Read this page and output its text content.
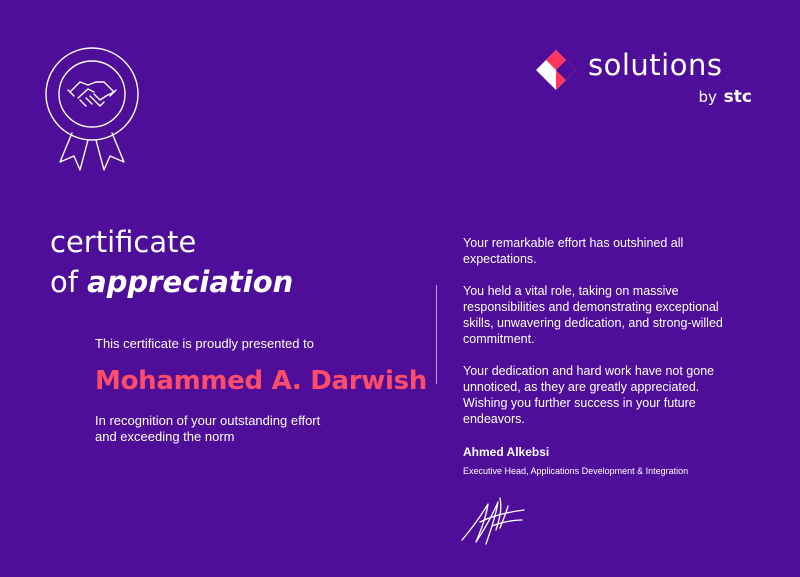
solutions
by stc
certificate
of appreciation
This certificate is proudly presented to
Mohammed A. Darwish
In recognition of your outstanding effort and exceeding the norm

Your remarkable effort has outshined all expectations.

You held a vital role, taking on massive responsibilities and demonstrating exceptional skills, unwavering dedication, and strong-willed commitment.

Your dedication and hard work have not gone unnoticed, as they are greatly appreciated. Wishing you further success in your future endeavors.

Ahmed Alkebsi
Executive Head, Applications Development & Integration
